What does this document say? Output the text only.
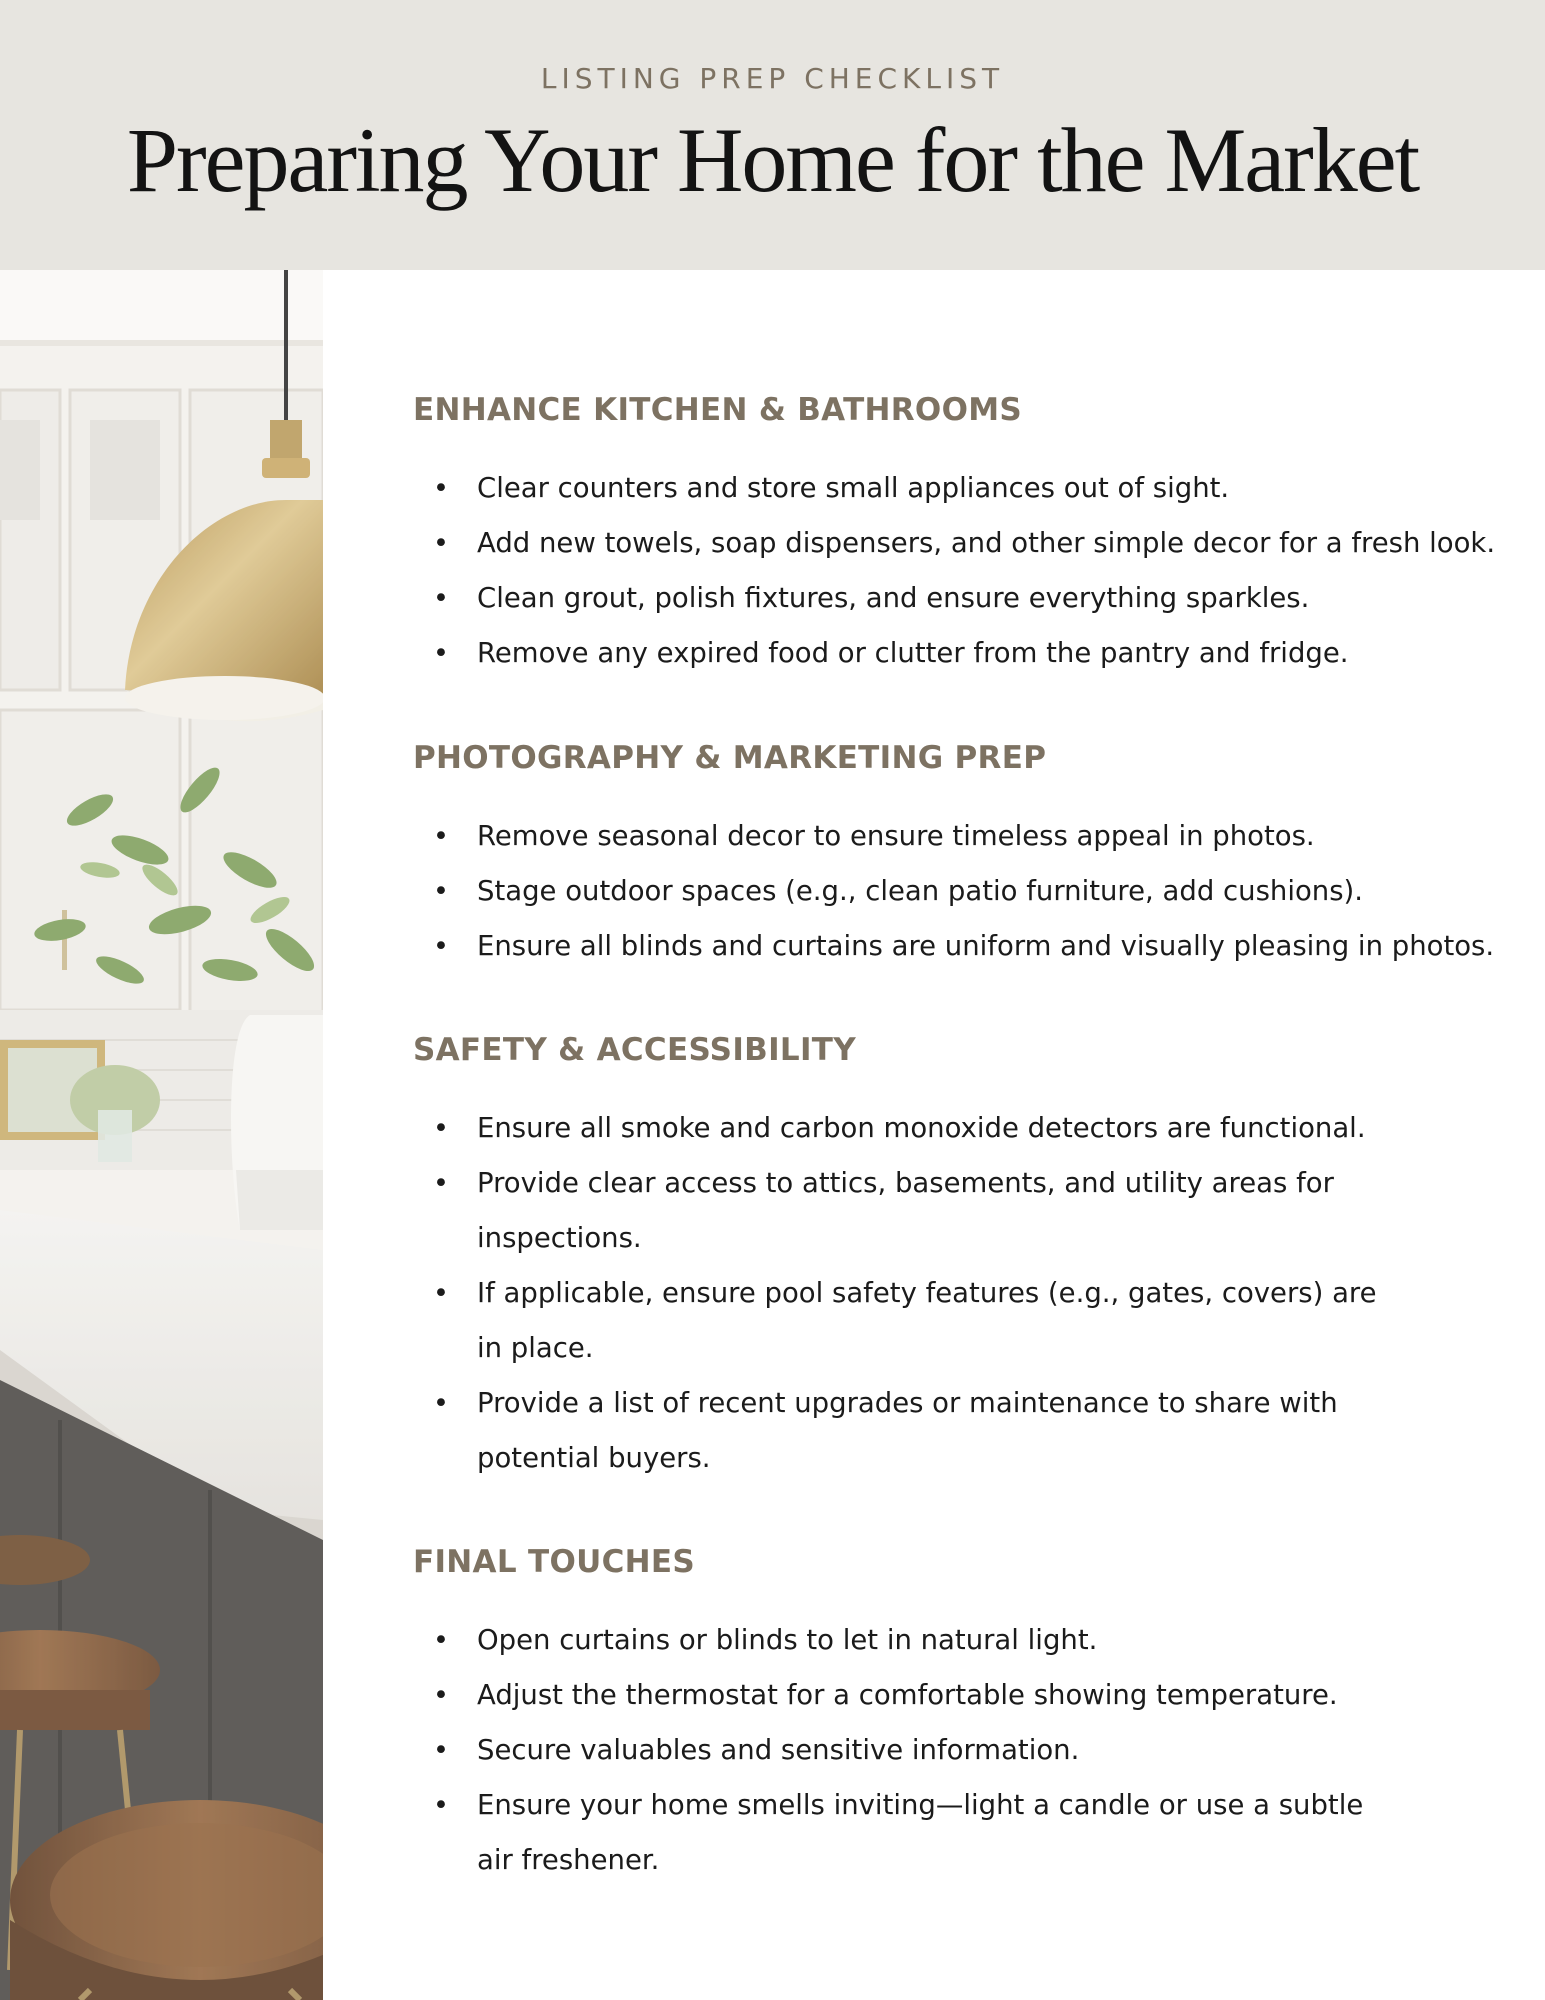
LISTING PREP CHECKLIST
Preparing Your Home for the Market
ENHANCE KITCHEN & BATHROOMS
• Clear counters and store small appliances out of sight.
• Add new towels, soap dispensers, and other simple decor for a fresh look.
• Clean grout, polish fixtures, and ensure everything sparkles.
• Remove any expired food or clutter from the pantry and fridge.
PHOTOGRAPHY & MARKETING PREP
• Remove seasonal decor to ensure timeless appeal in photos.
• Stage outdoor spaces (e.g., clean patio furniture, add cushions).
• Ensure all blinds and curtains are uniform and visually pleasing in photos.
SAFETY & ACCESSIBILITY
• Ensure all smoke and carbon monoxide detectors are functional.
• Provide clear access to attics, basements, and utility areas for inspections.
• If applicable, ensure pool safety features (e.g., gates, covers) are in place.
• Provide a list of recent upgrades or maintenance to share with potential buyers.
FINAL TOUCHES
• Open curtains or blinds to let in natural light.
• Adjust the thermostat for a comfortable showing temperature.
• Secure valuables and sensitive information.
• Ensure your home smells inviting—light a candle or use a subtle air freshener.
